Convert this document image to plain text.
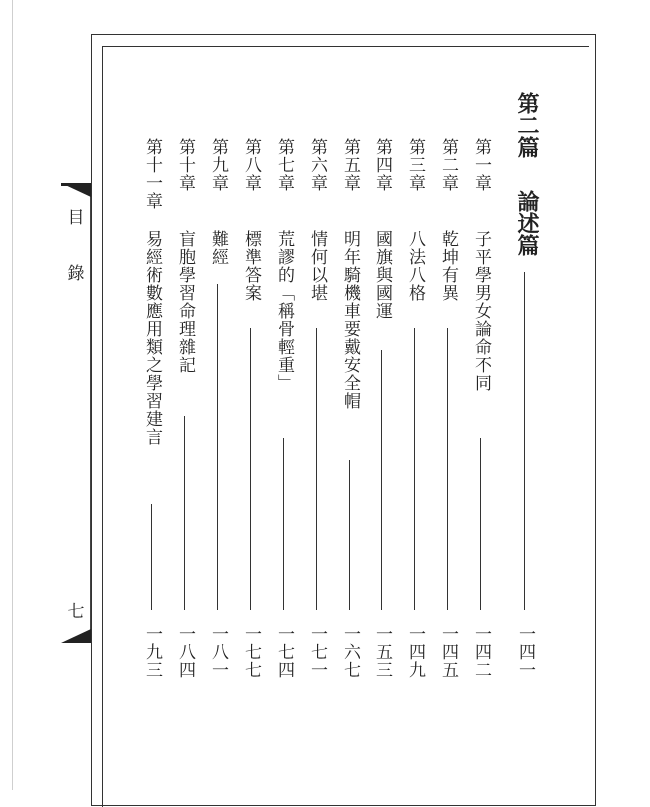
目
錄
七
第二篇
論述篇
一四一
第一章
子平學男女論命不同
一四二
第二章
乾坤有異
一四五
第三章
八法八格
一四九
第四章
國旗與國運
一五三
第五章
明年騎機車要戴安全帽
一六七
第六章
情何以堪
一七一
第七章
荒謬的「稱骨輕重」
一七四
第八章
標準答案
一七七
第九章
難經
一八一
第十章
盲胞學習命理雜記
一八四
第十一章
易經術數應用類之學習建言
一九三
